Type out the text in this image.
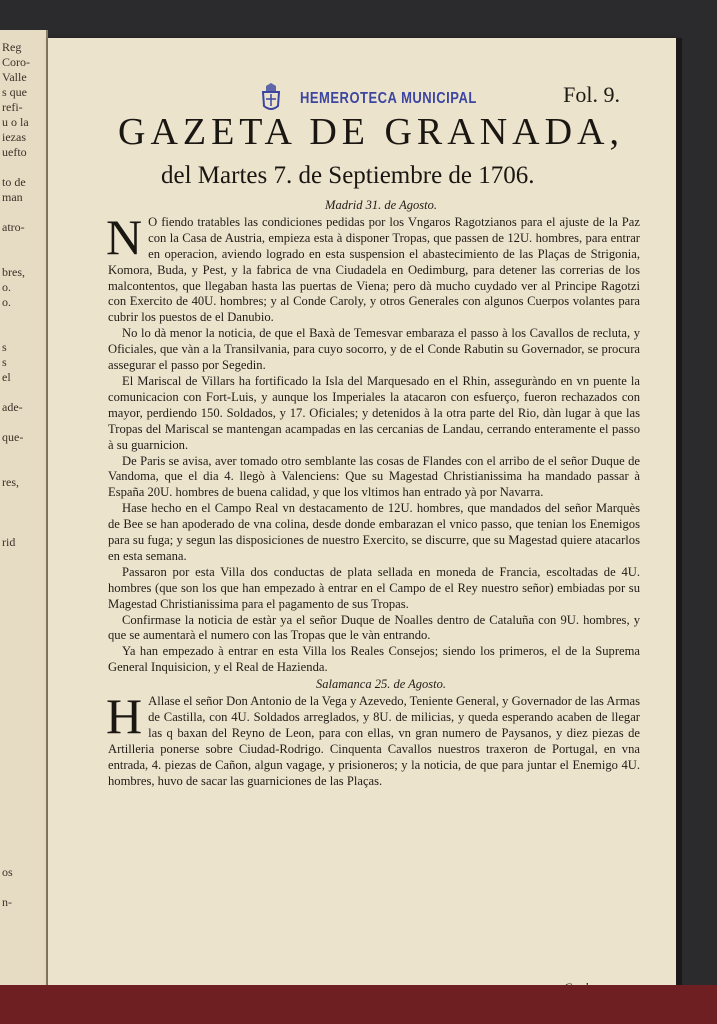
Reg
Coro-
Valle
s que
refi-
u o la
iezas
uefto

to de
man

atro-

bres,
o.
o.

s
s
el

ade-

que-

res,

rid

os

n-
HEMEROTECA MUNICIPAL	Fol. 9.
GAZETA DE GRANADA,
del Martes 7. de Septiembre de 1706.

Madrid 31. de Agosto.

N O fiendo tratables las condiciones pedidas por los Vngaros Ragotzianos para el ajuste de la Paz con la Casa de Austria, empieza esta à disponer Tropas, que passen de 12U. hombres, para entrar en operacion, aviendo logrado en esta suspension el abastecimiento de las Plaças de Strigonia, Komora, Buda, y Pest, y la fabrica de vna Ciudadela en Oedimburg, para detener las correrias de los malcontentos, que llegaban hasta las puertas de Viena; pero dà mucho cuydado ver al Principe Ragotzi con Exercito de 40U. hombres; y al Conde Caroly, y otros Generales con algunos Cuerpos volantes para cubrir los puestos de el Danubio.

No lo dà menor la noticia, de que el Baxà de Temesvar embaraza el passo à los Cavallos de recluta, y Oficiales, que vàn a la Transilvania, para cuyo socorro, y de el Conde Rabutin su Governador, se procura assegurar el passo por Segedin.

El Mariscal de Villars ha fortificado la Isla del Marquesado en el Rhin, asseguràndo en vn puente la comunicacion con Fort-Luis, y aunque los Imperiales la atacaron con esfuerço, fueron rechazados con mayor, perdiendo 150. Soldados, y 17. Oficiales; y detenidos à la otra parte del Rio, dàn lugar à que las Tropas del Mariscal se mantengan acampadas en las cercanias de Landau, cerrando enteramente el passo à su guarnicion.

De Paris se avisa, aver tomado otro semblante las cosas de Flandes con el arribo de el señor Duque de Vandoma, que el dia 4. llegò à Valenciens: Que su Magestad Christianissima ha mandado passar à España 20U. hombres de buena calidad, y que los vltimos han entrado yà por Navarra.

Hase hecho en el Campo Real vn destacamento de 12U. hombres, que mandados del señor Marquès de Bee se han apoderado de vna colina, desde donde embarazan el vnico passo, que tenian los Enemigos para su fuga; y segun las disposiciones de nuestro Exercito, se discurre, que su Magestad quiere atacarlos en esta semana.

Passaron por esta Villa dos conductas de plata sellada en moneda de Francia, escoltadas de 4U. hombres (que son los que han empezado à entrar en el Campo de el Rey nuestro señor) embiadas por su Magestad Christianissima para el pagamento de sus Tropas.

Confirmase la noticia de estàr ya el señor Duque de Noalles dentro de Cataluña con 9U. hombres, y que se aumentarà el numero con las Tropas que le vàn entrando.

Ya han empezado à entrar en esta Villa los Reales Consejos; siendo los primeros, el de la Suprema General Inquisicion, y el Real de Hazienda.

Salamanca 25. de Agosto.

H Allase el señor Don Antonio de la Vega y Azevedo, Teniente General, y Governador de las Armas de Castilla, con 4U. Soldados arreglados, y 8U. de milicias, y queda esperando acaben de llegar las q baxan del Reyno de Leon, para con ellas, vn gran numero de Paysanos, y diez piezas de Artilleria ponerse sobre Ciudad-Rodrigo. Cinquenta Cavallos nuestros traxeron de Portugal, en vna entrada, 4. piezas de Cañon, algun vagage, y prisioneros; y la noticia, de que para juntar el Enemigo 4U. hombres, huvo de sacar las guarniciones de las Plaças.
